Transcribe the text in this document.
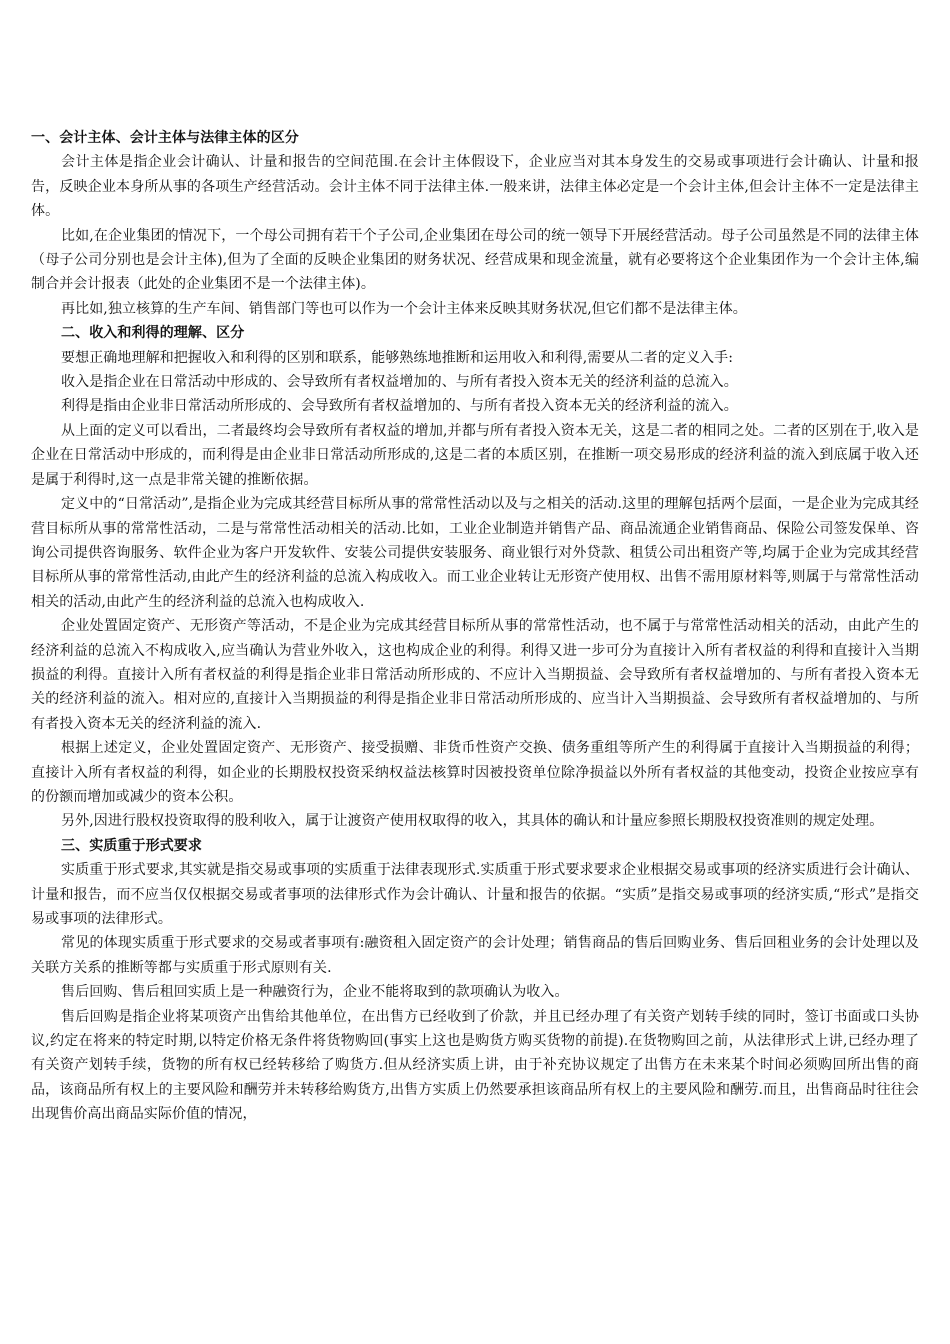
一、会计主体、会计主体与法律主体的区分

会计主体是指企业会计确认、计量和报告的空间范围.在会计主体假设下，企业应当对其本身发生的交易或事项进行会计确认、计量和报告，反映企业本身所从事的各项生产经营活动。会计主体不同于法律主体.一般来讲，法律主体必定是一个会计主体,但会计主体不一定是法律主体。

比如,在企业集团的情况下，一个母公司拥有若干个子公司,企业集团在母公司的统一领导下开展经营活动。母子公司虽然是不同的法律主体（母子公司分别也是会计主体),但为了全面的反映企业集团的财务状况、经营成果和现金流量，就有必要将这个企业集团作为一个会计主体,编制合并会计报表（此处的企业集团不是一个法律主体)。

再比如,独立核算的生产车间、销售部门等也可以作为一个会计主体来反映其财务状况,但它们都不是法律主体。

二、收入和利得的理解、区分

要想正确地理解和把握收入和利得的区别和联系，能够熟练地推断和运用收入和利得,需要从二者的定义入手:

收入是指企业在日常活动中形成的、会导致所有者权益增加的、与所有者投入资本无关的经济利益的总流入。

利得是指由企业非日常活动所形成的、会导致所有者权益增加的、与所有者投入资本无关的经济利益的流入。

从上面的定义可以看出，二者最终均会导致所有者权益的增加,并都与所有者投入资本无关，这是二者的相同之处。二者的区别在于,收入是企业在日常活动中形成的，而利得是由企业非日常活动所形成的,这是二者的本质区别，在推断一项交易形成的经济利益的流入到底属于收入还是属于利得时,这一点是非常关键的推断依据。

定义中的“日常活动”,是指企业为完成其经营目标所从事的常常性活动以及与之相关的活动.这里的理解包括两个层面，一是企业为完成其经营目标所从事的常常性活动，二是与常常性活动相关的活动.比如，工业企业制造并销售产品、商品流通企业销售商品、保险公司签发保单、咨询公司提供咨询服务、软件企业为客户开发软件、安装公司提供安装服务、商业银行对外贷款、租赁公司出租资产等,均属于企业为完成其经营目标所从事的常常性活动,由此产生的经济利益的总流入构成收入。而工业企业转让无形资产使用权、出售不需用原材料等,则属于与常常性活动相关的活动,由此产生的经济利益的总流入也构成收入.

企业处置固定资产、无形资产等活动，不是企业为完成其经营目标所从事的常常性活动，也不属于与常常性活动相关的活动，由此产生的经济利益的总流入不构成收入,应当确认为营业外收入，这也构成企业的利得。利得又进一步可分为直接计入所有者权益的利得和直接计入当期损益的利得。直接计入所有者权益的利得是指企业非日常活动所形成的、不应计入当期损益、会导致所有者权益增加的、与所有者投入资本无关的经济利益的流入。相对应的,直接计入当期损益的利得是指企业非日常活动所形成的、应当计入当期损益、会导致所有者权益增加的、与所有者投入资本无关的经济利益的流入.

根据上述定义，企业处置固定资产、无形资产、接受损赠、非货币性资产交换、债务重组等所产生的利得属于直接计入当期损益的利得；直接计入所有者权益的利得，如企业的长期股权投资采纳权益法核算时因被投资单位除净损益以外所有者权益的其他变动，投资企业按应享有的份额而增加或减少的资本公积。

另外,因进行股权投资取得的股利收入，属于让渡资产使用权取得的收入，其具体的确认和计量应参照长期股权投资准则的规定处理。

三、实质重于形式要求

实质重于形式要求,其实就是指交易或事项的实质重于法律表现形式.实质重于形式要求要求企业根据交易或事项的经济实质进行会计确认、计量和报告，而不应当仅仅根据交易或者事项的法律形式作为会计确认、计量和报告的依据。“实质”是指交易或事项的经济实质,“形式”是指交易或事项的法律形式。

常见的体现实质重于形式要求的交易或者事项有:融资租入固定资产的会计处理；销售商品的售后回购业务、售后回租业务的会计处理以及关联方关系的推断等都与实质重于形式原则有关.

售后回购、售后租回实质上是一种融资行为，企业不能将取到的款项确认为收入。

售后回购是指企业将某项资产出售给其他单位，在出售方已经收到了价款，并且已经办理了有关资产划转手续的同时，签订书面或口头协议,约定在将来的特定时期,以特定价格无条件将货物购回(事实上这也是购货方购买货物的前提).在货物购回之前，从法律形式上讲,已经办理了有关资产划转手续，货物的所有权已经转移给了购货方.但从经济实质上讲，由于补充协议规定了出售方在未来某个时间必须购回所出售的商品，该商品所有权上的主要风险和酬劳并未转移给购货方,出售方实质上仍然要承担该商品所有权上的主要风险和酬劳.而且，出售商品时往往会出现售价高出商品实际价值的情况，
